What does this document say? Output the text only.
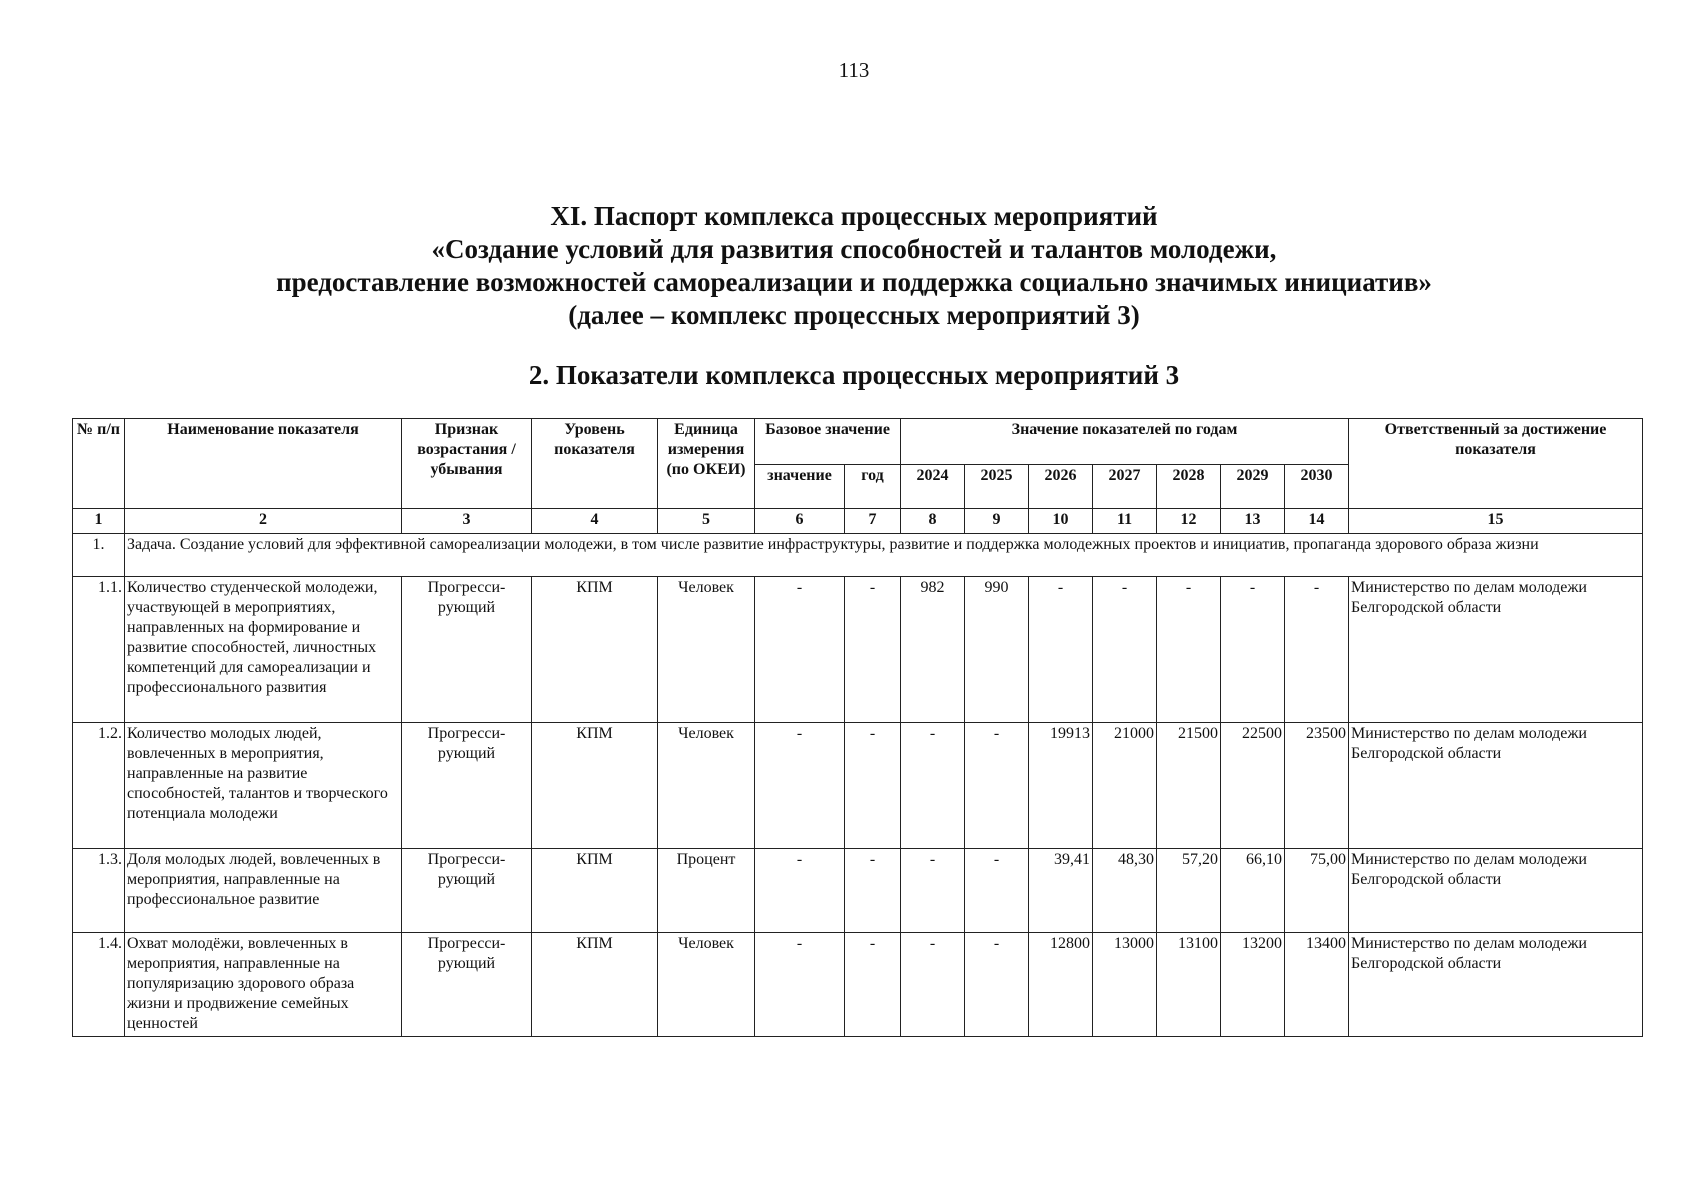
113
XI. Паспорт комплекса процессных мероприятий
«Создание условий для развития способностей и талантов молодежи,
предоставление возможностей самореализации и поддержка социально значимых инициатив»
(далее – комплекс процессных мероприятий 3)
2. Показатели комплекса процессных мероприятий 3
№ п/п	Наименование показателя	Признак возрастания / убывания	Уровень показателя	Единица измерения (по ОКЕИ)	Базовое значение		Значение показателей по годам							Ответственный за достижение показателя
					значение	год	2024	2025	2026	2027	2028	2029	2030	
1	2	3	4	5	6	7	8	9	10	11	12	13	14	15
1.	Задача. Создание условий для эффективной самореализации молодежи, в том числе развитие инфраструктуры, развитие и поддержка молодежных проектов и инициатив, пропаганда здорового образа жизни													
1.1.	Количество студенческой молодежи, участвующей в мероприятиях, направленных на формирование и развитие способностей, личностных компетенций для самореализации и профессионального развития	Прогресси-рующий	КПМ	Человек	-	-	982	990	-	-	-	-	-	Министерство по делам молодежи Белгородской области
1.2.	Количество молодых людей, вовлеченных в мероприятия, направленные на развитие способностей, талантов и творческого потенциала молодежи	Прогресси-рующий	КПМ	Человек	-	-	-	-	19913	21000	21500	22500	23500	Министерство по делам молодежи Белгородской области
1.3.	Доля молодых людей, вовлеченных в мероприятия, направленные на профессиональное развитие	Прогресси-рующий	КПМ	Процент	-	-	-	-	39,41	48,30	57,20	66,10	75,00	Министерство по делам молодежи Белгородской области
1.4.	Охват молодёжи, вовлеченных в мероприятия, направленные на популяризацию здорового образа жизни и продвижение семейных ценностей	Прогресси-рующий	КПМ	Человек	-	-	-	-	12800	13000	13100	13200	13400	Министерство по делам молодежи Белгородской области
